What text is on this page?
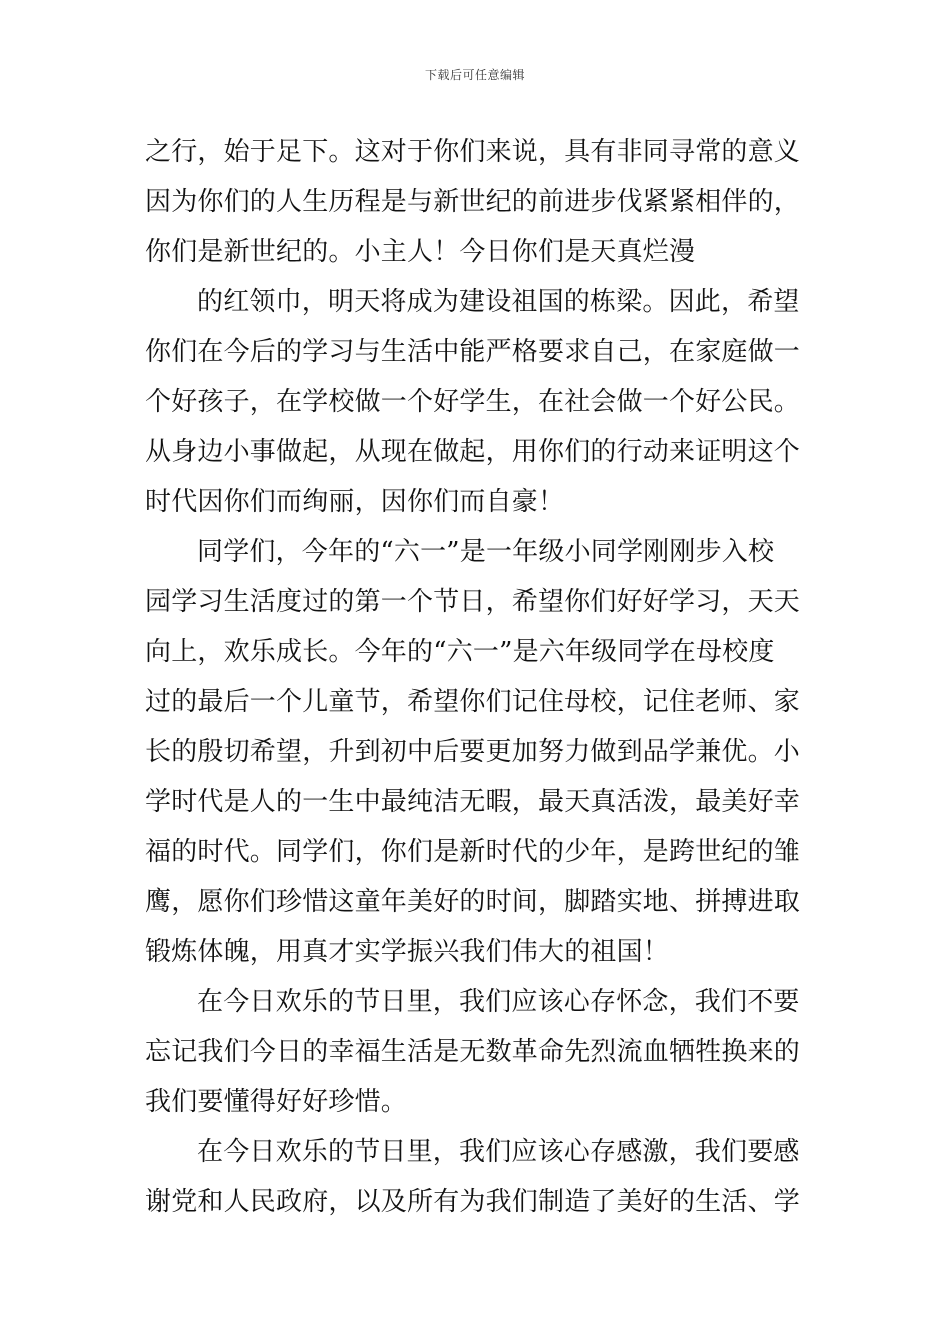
下载后可任意编辑
之行，始于足下。这对于你们来说，具有非同寻常的意义
因为你们的人生历程是与新世纪的前进步伐紧紧相伴的，
你们是新世纪的。小主人！今日你们是天真烂漫
的红领巾，明天将成为建设祖国的栋梁。因此，希望
你们在今后的学习与生活中能严格要求自己，在家庭做一
个好孩子，在学校做一个好学生，在社会做一个好公民。
从身边小事做起，从现在做起，用你们的行动来证明这个
时代因你们而绚丽，因你们而自豪！
同学们，今年的“六一”是一年级小同学刚刚步入校
园学习生活度过的第一个节日，希望你们好好学习，天天
向上，欢乐成长。今年的“六一”是六年级同学在母校度
过的最后一个儿童节，希望你们记住母校，记住老师、家
长的殷切希望，升到初中后要更加努力做到品学兼优。小
学时代是人的一生中最纯洁无暇，最天真活泼，最美好幸
福的时代。同学们，你们是新时代的少年，是跨世纪的雏
鹰，愿你们珍惜这童年美好的时间，脚踏实地、拼搏进取
锻炼体魄，用真才实学振兴我们伟大的祖国！
在今日欢乐的节日里，我们应该心存怀念，我们不要
忘记我们今日的幸福生活是无数革命先烈流血牺牲换来的
我们要懂得好好珍惜。
在今日欢乐的节日里，我们应该心存感激，我们要感
谢党和人民政府，以及所有为我们制造了美好的生活、学
